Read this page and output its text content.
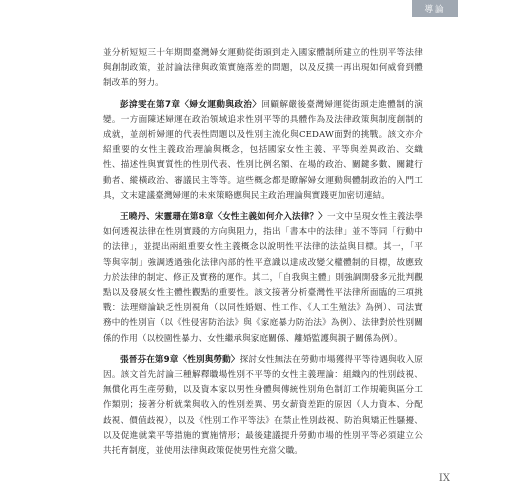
導論

並分析短短三十年期間臺灣婦女運動從街頭到走入國家體制所建立的性別平等法律與創制政策，並討論法律與政策實施落差的問題，以及反撲一再出現如何威脅到體制改革的努力。

彭渰雯在第7章〈婦女運動與政治〉回顧解嚴後臺灣婦運從街頭走進體制的演變。一方面陳述婦運在政治領域追求性別平等的具體作為及法律政策與制度創制的成就，並剖析婦運的代表性問題以及性別主流化與CEDAW面對的挑戰。該文亦介紹重要的女性主義政治理論與概念，包括國家女性主義、平等與差異政治、交織性、描述性與實質性的性別代表、性別比例名額、在場的政治、關鍵多數、關鍵行動者、縱橫政治、審議民主等等。這些概念都是瞭解婦女運動與體制政治的入門工具，文末建議臺灣婦運的未來策略應與民主政治理論與實踐更加密切連結。

王曉丹、宋靈珊在第8章〈女性主義如何介入法律？〉一文中呈現女性主義法學如何透視法律在性別實踐的方向與阻力，指出「書本中的法律」並不等同「行動中的法律」，並提出兩組重要女性主義概念以說明性平法律的法益與目標。其一，「平等與宰制」強調透過強化法律內部的性平意識以達成改變父權體制的目標，故應致力於法律的制定、修正及實務的運作。其二，「自我與主體」則強調開發多元批判觀點以及發展女性主體性觀點的重要性。該文接著分析臺灣性平法律所面臨的三項挑戰：法理辯論缺乏性別視角（以同性婚姻、性工作、《人工生殖法》為例）、司法實務中的性別盲（以《性侵害防治法》與《家庭暴力防治法》為例）、法律對於性別關係的作用（以校園性暴力、女性繼承與家庭關係、離婚監護與親子關係為例）。

張晉芬在第9章〈性別與勞動〉探討女性無法在勞動市場獲得平等待遇與收入原因。該文首先討論三種解釋職場性別不平等的女性主義理論：組織內的性別歧視、無償化再生產勞動，以及資本家以男性身體與傳統性別角色制訂工作規範與區分工作類別；接著分析就業與收入的性別差異、男女薪資差距的原因（人力資本、分配歧視、價值歧視），以及《性別工作平等法》在禁止性別歧視、防治與矯正性騷擾、以及促進就業平等措施的實施情形；最後建議提升勞動市場的性別平等必須建立公共托育制度，並使用法律與政策促使男性充當父職。

IX
